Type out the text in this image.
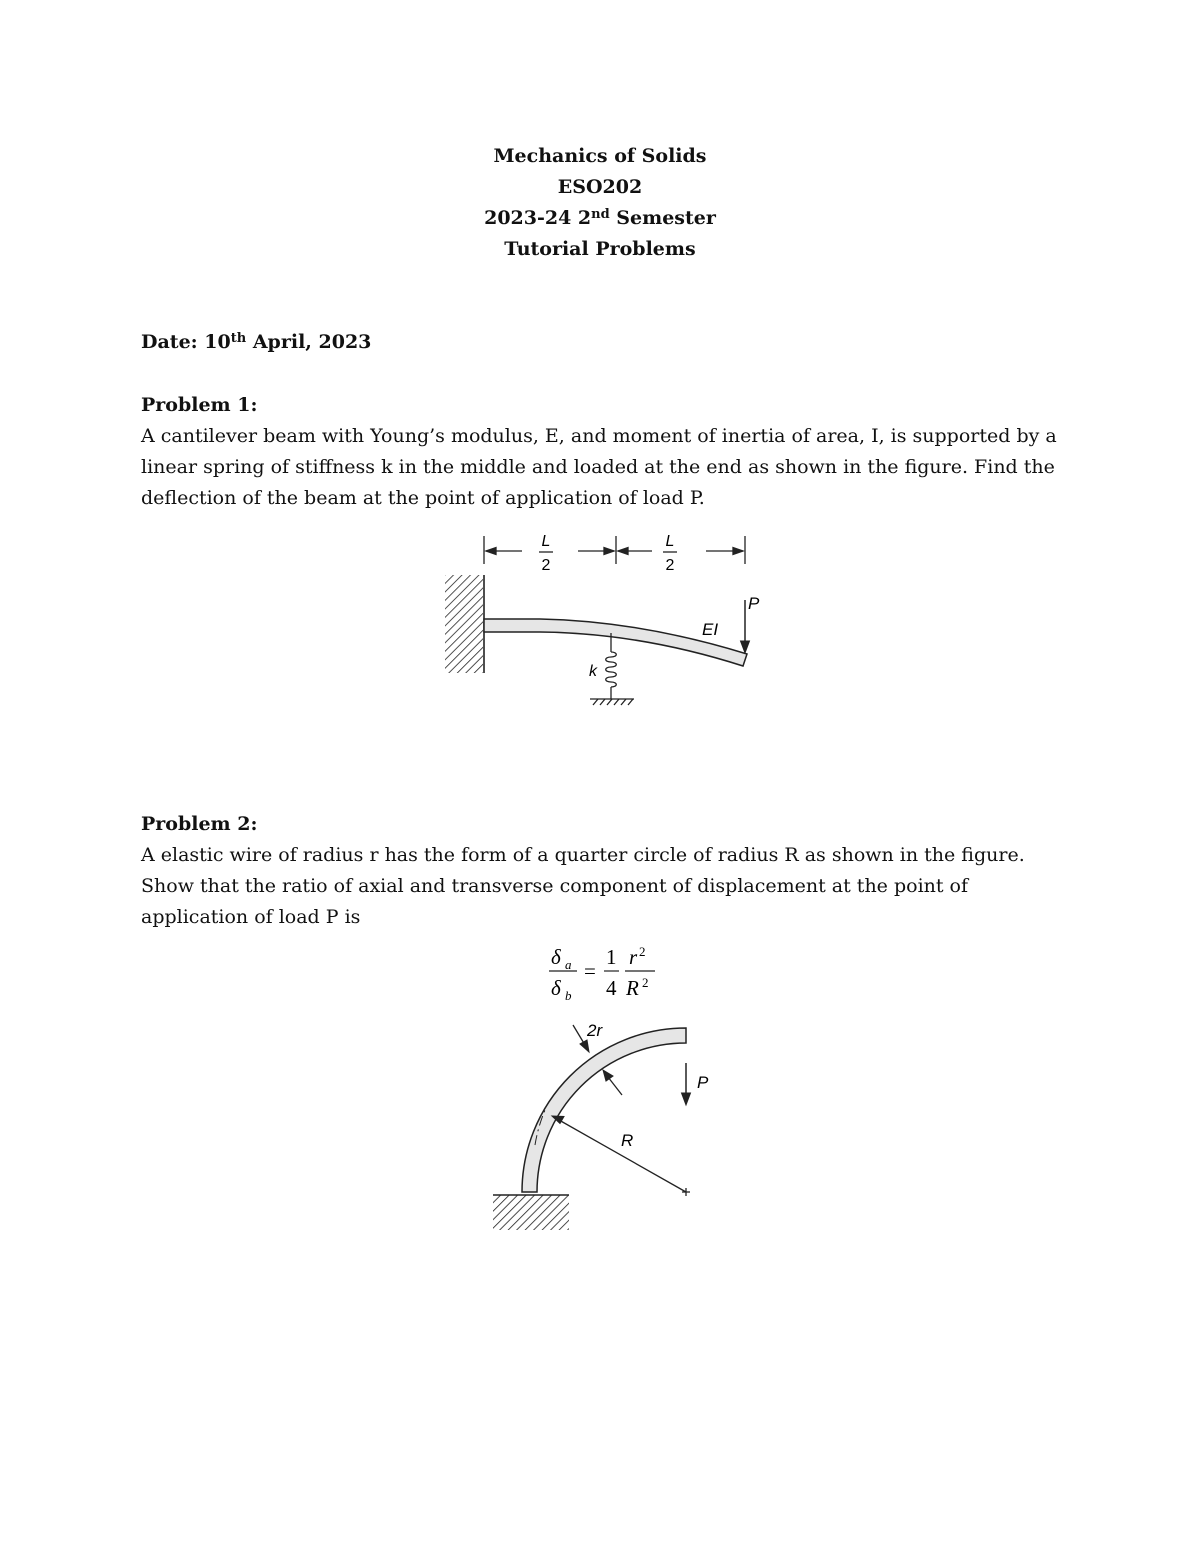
Mechanics of Solids
ESO202
2023-24 2nd Semester
Tutorial Problems
Date: 10th April, 2023
Problem 1:
A cantilever beam with Young’s modulus, E, and moment of inertia of area, I, is supported by a linear spring of stiffness k in the middle and loaded at the end as shown in the figure. Find the deflection of the beam at the point of application of load P.
L
2
L
2
k
P
EI
Problem 2:
A elastic wire of radius r has the form of a quarter circle of radius R as shown in the figure. Show that the ratio of axial and transverse component of displacement at the point of application of load P is
δ a
δ b
r 2
R 2
=
1
4
R
2r
P
